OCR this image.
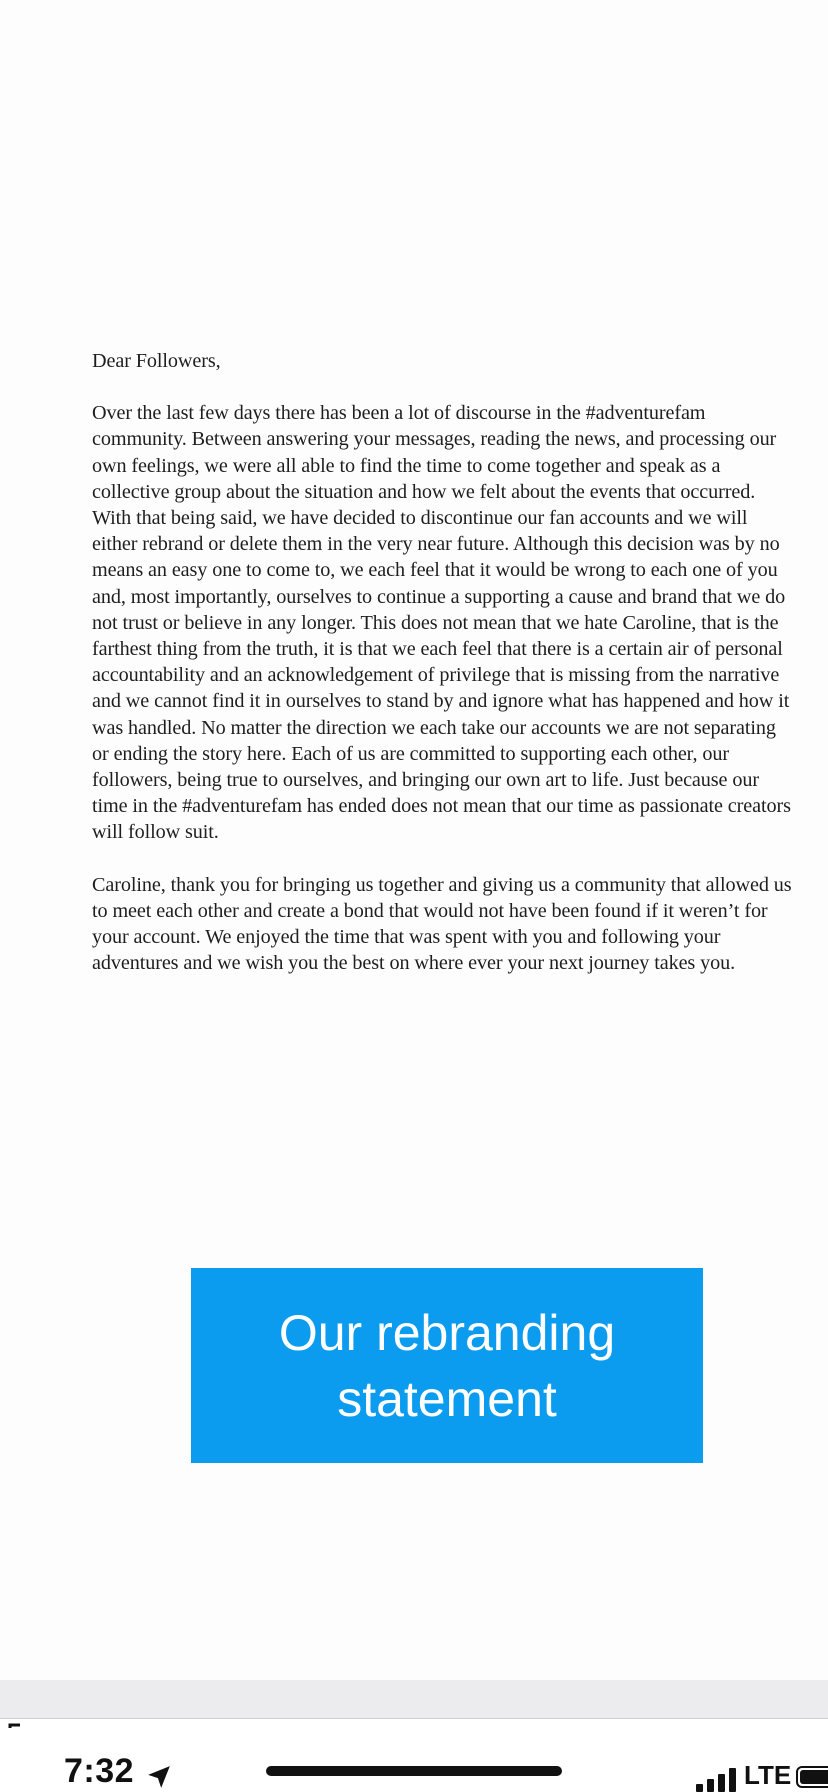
Dear Followers,

Over the last few days there has been a lot of discourse in the #adventurefam community. Between answering your messages, reading the news, and processing our own feelings, we were all able to find the time to come together and speak as a collective group about the situation and how we felt about the events that occurred. With that being said, we have decided to discontinue our fan accounts and we will either rebrand or delete them in the very near future. Although this decision was by no means an easy one to come to, we each feel that it would be wrong to each one of you and, most importantly, ourselves to continue a supporting a cause and brand that we do not trust or believe in any longer. This does not mean that we hate Caroline, that is the farthest thing from the truth, it is that we each feel that there is a certain air of personal accountability and an acknowledgement of privilege that is missing from the narrative and we cannot find it in ourselves to stand by and ignore what has happened and how it was handled. No matter the direction we each take our accounts we are not separating or ending the story here. Each of us are committed to supporting each other, our followers, being true to ourselves, and bringing our own art to life. Just because our time in the #adventurefam has ended does not mean that our time as passionate creators will follow suit.

Caroline, thank you for bringing us together and giving us a community that allowed us to meet each other and create a bond that would not have been found if it weren’t for your account. We enjoyed the time that was spent with you and following your adventures and we wish you the best on where ever your next journey takes you.

Our rebranding statement
7:32	LTE
